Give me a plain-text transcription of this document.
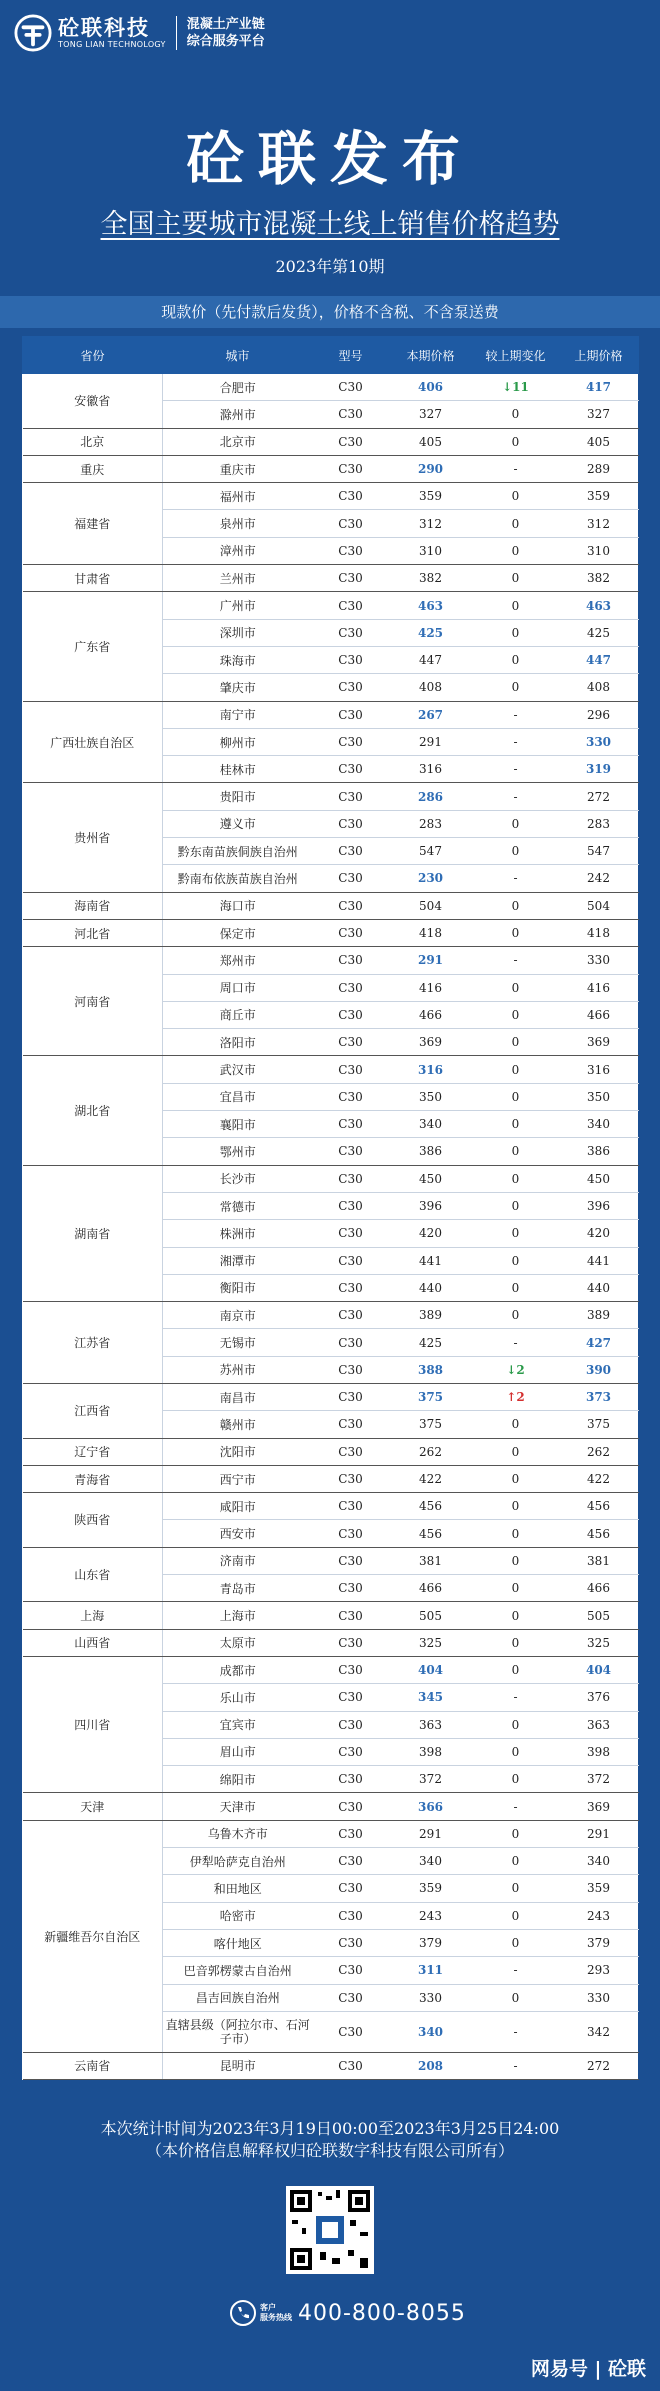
砼联科技
TONG LIAN TECHNOLOGY
混凝土产业链
综合服务平台
砼联发布
全国主要城市混凝土线上销售价格趋势
2023年第10期
现款价（先付款后发货），价格不含税、不含泵送费
省份	城市	型号	本期价格	较上期变化	上期价格
安徽省	合肥市	C30	406	↓11	417
	滁州市	C30	327	0	327
北京	北京市	C30	405	0	405
重庆	重庆市	C30	290	-	289
福建省	福州市	C30	359	0	359
	泉州市	C30	312	0	312
	漳州市	C30	310	0	310
甘肃省	兰州市	C30	382	0	382
广东省	广州市	C30	463	0	463
	深圳市	C30	425	0	425
	珠海市	C30	447	0	447
	肇庆市	C30	408	0	408
广西壮族自治区	南宁市	C30	267	-	296
	柳州市	C30	291	-	330
	桂林市	C30	316	-	319
贵州省	贵阳市	C30	286	-	272
	遵义市	C30	283	0	283
	黔东南苗族侗族自治州	C30	547	0	547
	黔南布依族苗族自治州	C30	230	-	242
海南省	海口市	C30	504	0	504
河北省	保定市	C30	418	0	418
河南省	郑州市	C30	291	-	330
	周口市	C30	416	0	416
	商丘市	C30	466	0	466
	洛阳市	C30	369	0	369
湖北省	武汉市	C30	316	0	316
	宜昌市	C30	350	0	350
	襄阳市	C30	340	0	340
	鄂州市	C30	386	0	386
湖南省	长沙市	C30	450	0	450
	常德市	C30	396	0	396
	株洲市	C30	420	0	420
	湘潭市	C30	441	0	441
	衡阳市	C30	440	0	440
江苏省	南京市	C30	389	0	389
	无锡市	C30	425	-	427
	苏州市	C30	388	↓2	390
江西省	南昌市	C30	375	↑2	373
	赣州市	C30	375	0	375
辽宁省	沈阳市	C30	262	0	262
青海省	西宁市	C30	422	0	422
陕西省	咸阳市	C30	456	0	456
	西安市	C30	456	0	456
山东省	济南市	C30	381	0	381
	青岛市	C30	466	0	466
上海	上海市	C30	505	0	505
山西省	太原市	C30	325	0	325
四川省	成都市	C30	404	0	404
	乐山市	C30	345	-	376
	宜宾市	C30	363	0	363
	眉山市	C30	398	0	398
	绵阳市	C30	372	0	372
天津	天津市	C30	366	-	369
新疆维吾尔自治区	乌鲁木齐市	C30	291	0	291
	伊犁哈萨克自治州	C30	340	0	340
	和田地区	C30	359	0	359
	哈密市	C30	243	0	243
	喀什地区	C30	379	0	379
	巴音郭楞蒙古自治州	C30	311	-	293
	昌吉回族自治州	C30	330	0	330
	直辖县级（阿拉尔市、石河子市）	C30	340	-	342
云南省	昆明市	C30	208	-	272
本次统计时间为2023年3月19日00:00至2023年3月25日24:00
（本价格信息解释权归砼联数字科技有限公司所有）
客户
服务热线 400-800-8055
网易号 | 砼联
